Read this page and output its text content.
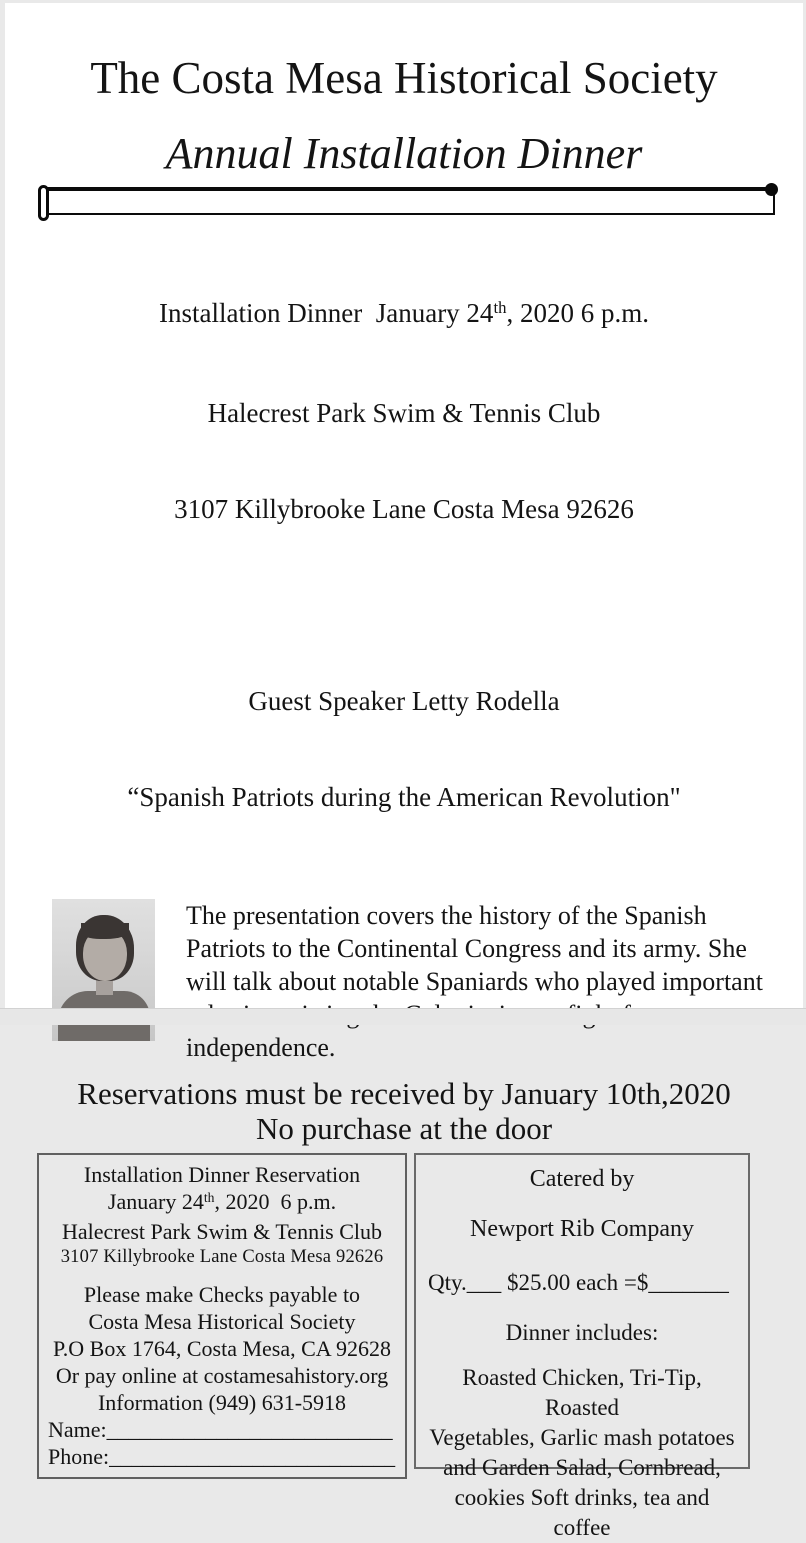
The Costa Mesa Historical Society
Annual Installation Dinner

Installation Dinner  January 24th, 2020 6 p.m.

Halecrest Park Swim & Tennis Club

3107 Killybrooke Lane Costa Mesa 92626

Guest Speaker Letty Rodella

“Spanish Patriots during the American Revolution"

The presentation covers the history of the Spanish
Patriots to the Continental Congress and its army. She
will talk about notable Spaniards who played important
independence.
Reservations must be received by January 10th,2020
No purchase at the door
Installation Dinner Reservation
January 24th, 2020  6 p.m.
Halecrest Park Swim & Tennis Club
3107 Killybrooke Lane Costa Mesa 92626
Please make Checks payable to
Costa Mesa Historical Society
P.O Box 1764, Costa Mesa, CA 92628
Or pay online at costamesahistory.org
Information (949) 631-5918
Name:__________________________
Phone:__________________________
Catered by
Newport Rib Company
Qty.___ $25.00 each =$_______
Dinner includes:
Roasted Chicken, Tri-Tip, Roasted
Vegetables, Garlic mash potatoes
and Garden Salad, Cornbread,
cookies Soft drinks, tea and coffee
